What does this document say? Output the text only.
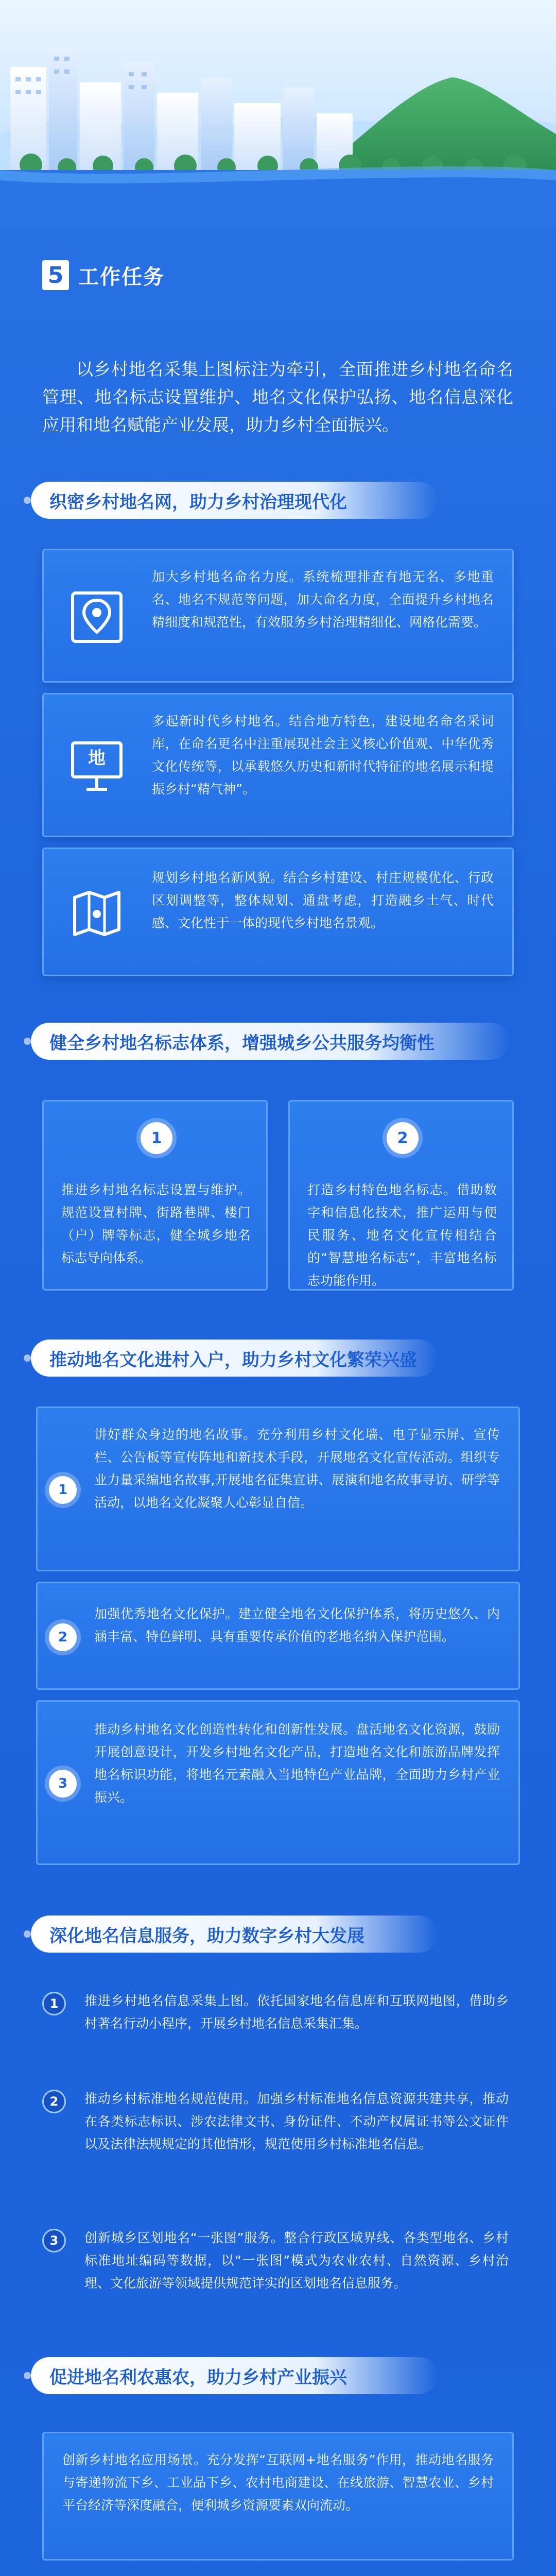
5 工作任务
以乡村地名采集上图标注为牵引，全面推进乡村地名命名管理、地名标志设置维护、地名文化保护弘扬、地名信息深化应用和地名赋能产业发展，助力乡村全面振兴。
织密乡村地名网，助力乡村治理现代化
加大乡村地名命名力度。系统梳理排查有地无名、多地重名、地名不规范等问题，加大命名力度，全面提升乡村地名精细度和规范性，有效服务乡村治理精细化、网格化需要。
地
多起新时代乡村地名。结合地方特色，建设地名命名采词库，在命名更名中注重展现社会主义核心价值观、中华优秀文化传统等，以承载悠久历史和新时代特征的地名展示和提振乡村“精气神”。
规划乡村地名新风貌。结合乡村建设、村庄规模优化、行政区划调整等，整体规划、通盘考虑，打造融乡土气、时代感、文化性于一体的现代乡村地名景观。
健全乡村地名标志体系，增强城乡公共服务均衡性
1
推进乡村地名标志设置与维护。规范设置村牌、街路巷牌、楼门（户）牌等标志，健全城乡地名标志导向体系。
2
打造乡村特色地名标志。借助数字和信息化技术，推广运用与便民服务、地名文化宣传相结合的“智慧地名标志”，丰富地名标志功能作用。
推动地名文化进村入户，助力乡村文化繁荣兴盛
1
讲好群众身边的地名故事。充分利用乡村文化墙、电子显示屏、宣传栏、公告板等宣传阵地和新技术手段，开展地名文化宣传活动。组织专业力量采编地名故事,开展地名征集宣讲、展演和地名故事寻访、研学等活动，以地名文化凝聚人心彰显自信。
2
加强优秀地名文化保护。建立健全地名文化保护体系，将历史悠久、内涵丰富、特色鲜明、具有重要传承价值的老地名纳入保护范围。
3
推动乡村地名文化创造性转化和创新性发展。盘活地名文化资源，鼓励开展创意设计，开发乡村地名文化产品，打造地名文化和旅游品牌发挥地名标识功能，将地名元素融入当地特色产业品牌，全面助力乡村产业振兴。
深化地名信息服务，助力数字乡村大发展
1	推进乡村地名信息采集上图。依托国家地名信息库和互联网地图，借助乡村著名行动小程序，开展乡村地名信息采集汇集。
2	推动乡村标准地名规范使用。加强乡村标准地名信息资源共建共享，推动在各类标志标识、涉农法律文书、身份证件、不动产权属证书等公文证件以及法律法规规定的其他情形，规范使用乡村标准地名信息。
3	创新城乡区划地名“一张图”服务。整合行政区域界线、各类型地名、乡村标准地址编码等数据，以“一张图”模式为农业农村、自然资源、乡村治理、文化旅游等领域提供规范详实的区划地名信息服务。
促进地名利农惠农，助力乡村产业振兴
创新乡村地名应用场景。充分发挥“互联网+地名服务”作用，推动地名服务与寄递物流下乡、工业品下乡、农村电商建设、在线旅游、智慧农业、乡村平台经济等深度融合，便利城乡资源要素双向流动。
